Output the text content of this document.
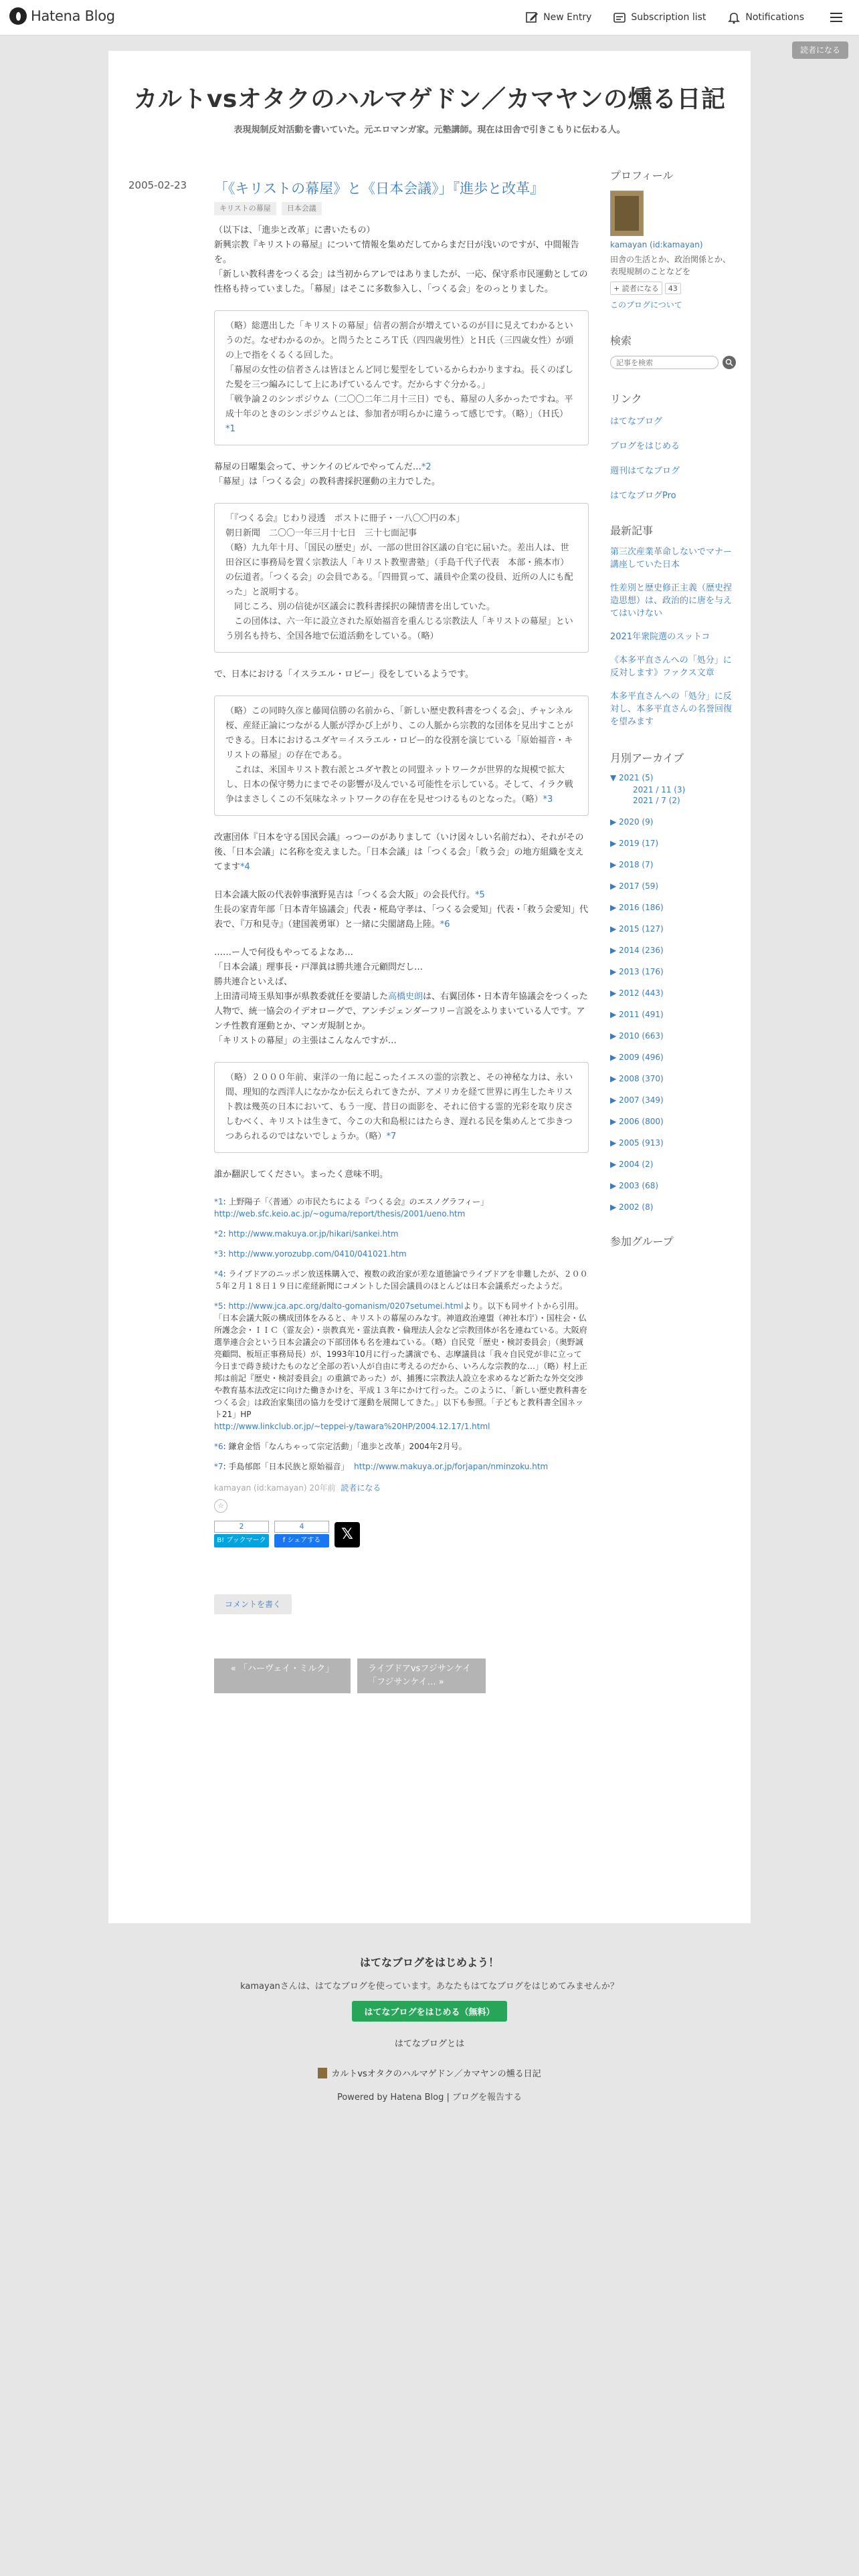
Hatena Blog	New Entry	Subscription list	Notifications
読者になる
カルトvsオタクのハルマゲドン／カマヤンの燻る日記
表現規制反対活動を書いていた。元エロマンガ家。元塾講師。現在は田舎で引きこもりに伝わる人。
2005-02-23	「《キリストの幕屋》と《日本会議》」『進歩と改革』
キリストの幕屋	日本会議

（以下は、「進歩と改革」に書いたもの）

新興宗教『キリストの幕屋』について情報を集めだしてからまだ日が浅いのですが、中間報告を。

「新しい教科書をつくる会」は当初からアレではありましたが、一応、保守系市民運動としての性格も持っていました。「幕屋」はそこに多数参入し、「つくる会」をのっとりました。

（略）総選出した「キリストの幕屋」信者の割合が増えているのが目に見えてわかるというのだ。なぜわかるのか。と問うたところＴ氏（四四歳男性）とＨ氏（三四歳女性）が頭の上で指をくるくる回した。

「幕屋の女性の信者さんは皆ほとんど同じ髪型をしているからわかりますね。長くのばした髪を三つ編みにして上にあげているんです。だからすぐ分かる。」

「戦争論２のシンポジウム（二〇〇二年二月十三日）でも、幕屋の人多かったですね。平成十年のときのシンポジウムとは、参加者が明らかに違うって感じです。（略）」（Ｈ氏） *1

幕屋の日曜集会って、サンケイのビルでやってんだ…*2

「幕屋」は「つくる会」の教科書採択運動の主力でした。

「『つくる会』じわり浸透　ポストに冊子・一八〇〇円の本」

朝日新聞　二〇〇一年三月十七日　三十七面記事

（略）九九年十月、「国民の歴史」が、一部の世田谷区議の自宅に届いた。差出人は、世田谷区に事務局を置く宗教法人「キリスト教聖書塾」（手島千代子代表　本部・熊本市）の伝道者。「つくる会」の会員である。「四冊買って、議員や企業の役員、近所の人にも配った」と説明する。

　同じころ、別の信徒が区議会に教科書採択の陳情書を出していた。

　この団体は、六一年に設立された原始福音を重んじる宗教法人「キリストの幕屋」という別名も持ち、全国各地で伝道活動をしている。（略）

で、日本における「イスラエル・ロビー」役をしているようです。

（略）この同時久彦と藤岡信勝の名前から、「新しい歴史教科書をつくる会」、チャンネル桜、産経正論につながる人脈が浮かび上がり、この人脈から宗教的な団体を見出すことができる。日本におけるユダヤ＝イスラエル・ロビー的な役割を演じている「原始福音・キリストの幕屋」の存在である。

　これは、米国キリスト教右派とユダヤ教との同盟ネットワークが世界的な規模で拡大し、日本の保守勢力にまでその影響が及んでいる可能性を示している。そして、イラク戦争はまさしくこの不気味なネットワークの存在を見せつけるものとなった。（略）*3

改憲団体『日本を守る国民会議』っつーのがありまして（いけ図々しい名前だね）、それがその後、「日本会議」に名称を変えました。「日本会議」は「つくる会」「救う会」の地方組織を支えてます*4

日本会議大阪の代表幹事濱野晃吉は「つくる会大阪」の会長代行。*5

生長の家青年部「日本青年協議会」代表・椛島守孝は、「つくる会愛知」代表・「救う会愛知」代表で、『万和見寺』（建国義勇軍）と一緒に尖閣諸島上陸。*6

……ー人で何役もやってるよなあ…

「日本会議」理事長・戸澤眞は勝共連合元顧問だし…

勝共連合といえば、

上田清司埼玉県知事が県教委就任を要請した高橋史朗は、右翼団体・日本青年協議会をつくった人物で、統一協会のイデオローグで、アンチジェンダーフリー言説をふりまいている人です。アンチ性教育運動とか、マンガ規制とか。

「キリストの幕屋」の主張はこんなんですが…

（略）２０００年前、東洋の一角に起こったイエスの霊的宗教と、その神秘な力は、永い間、理知的な西洋人になかなか伝えられてきたが、アメリカを経て世界に再生したキリスト教は幾英の日本において、もう一度、昔日の面影を、それに倍する霊的光彩を取り戻さしむべく、キリストは生きて、今この大和島根にはたらき、遅れる民を集めんとて歩きつつあられるのではないでしょうか。（略）*7

誰か翻訳してください。まったく意味不明。

*1: 上野陽子「〈普通〉の市民たちによる『つくる会』のエスノグラフィー」
http://web.sfc.keio.ac.jp/~oguma/report/thesis/2001/ueno.htm

*2: http://www.makuya.or.jp/hikari/sankei.htm

*3: http://www.yorozubp.com/0410/041021.htm

*4: ライブドアのニッポン放送株購入で、複数の政治家が差な道徳論でライブドアを非難したが、２００５年２月１８日１９日に産経新聞にコメントした国会議員のほとんどは日本会議系だったようだ。

*5: http://www.jca.apc.org/dalto-gomanism/0207setumei.htmlより。以下も同サイトから引用。「日本会議大阪の構成団体をみると、キリストの幕屋のみなす。神道政治連盟（神社本庁）・国柱会・仏所護念会・ＩＩＣ（霊友会）・崇教真光・霊法真教・倫理法人会など宗教団体が名を連ねている。大阪府選挙連合会という日本会議会の下部団体も名を連ねている。（略）自民党「歴史・検討委員会」（奥野誠亮顧問、板垣正事務局長）が、1993年10月に行った講演でも、志摩議員は「我々自民党が非に立って今日まで蒔き続けたものなど全部の若い人が自由に考えるのだから、いろんな宗教的な…」（略）村上正邦は前記『歴史・検討委員会』の重鎮であった）が、捕獲に宗教法人設立を求めるなど新たな外交交渉や教育基本法改定に向けた働きかけを、平成１３年にかけて行った。このように、「新しい歴史教科書をつくる会」は政治家集団の協力を受けて運動を展開してきた。」以下も参照。「子どもと教科書全国ネット21」HP
http://www.linkclub.or.jp/~teppei-y/tawara%20HP/2004.12.17/1.html

*6: 鎌倉金悟「なんちゃって宗定活動」「進歩と改革」2004年2月号。

*7: 手島郁郎「日本民族と原始福音」 http://www.makuya.or.jp/forjapan/nminzoku.htm

kamayan (id:kamayan) 20年前 読者になる

☆
2
B! ブックマーク
4
f シェアする	𝕏
コメントを書く
« 「ハーヴェイ・ミルク」	ライブドアvsフジサンケイ「フジサンケイ… »
プロフィール
kamayan (id:kamayan)
田舎の生活とか、政治関係とか、表現規制のことなどを
+ 読者になる	43
このブログについて
検索
記事を検索
リンク
はてなブログ
ブログをはじめる
週刊はてなブログ
はてなブログPro
最新記事
第三次産業革命しないでマナー講座していた日本
性差別と歴史修正主義（歴史捏造思想）は、政治的に唐を与えてはいけない
2021年衆院選のスットコ
《本多平直さんへの「処分」に反対します》ファクス文章
本多平直さんへの「処分」に反対し、本多平直さんの名誉回復を望みます
月別アーカイブ
▼ 2021 (5)
2021 / 11 (3)
2021 / 7 (2)
▶ 2020 (9)
▶ 2019 (17)
▶ 2018 (7)
▶ 2017 (59)
▶ 2016 (186)
▶ 2015 (127)
▶ 2014 (236)
▶ 2013 (176)
▶ 2012 (443)
▶ 2011 (491)
▶ 2010 (663)
▶ 2009 (496)
▶ 2008 (370)
▶ 2007 (349)
▶ 2006 (800)
▶ 2005 (913)
▶ 2004 (2)
▶ 2003 (68)
▶ 2002 (8)
参加グループ

はてなブログをはじめよう！

kamayanさんは、はてなブログを使っています。あなたもはてなブログをはじめてみませんか？

はてなブログをはじめる（無料）

はてなブログとは

カルトvsオタクのハルマゲドン／カマヤンの燻る日記
Powered by Hatena Blog | ブログを報告する
